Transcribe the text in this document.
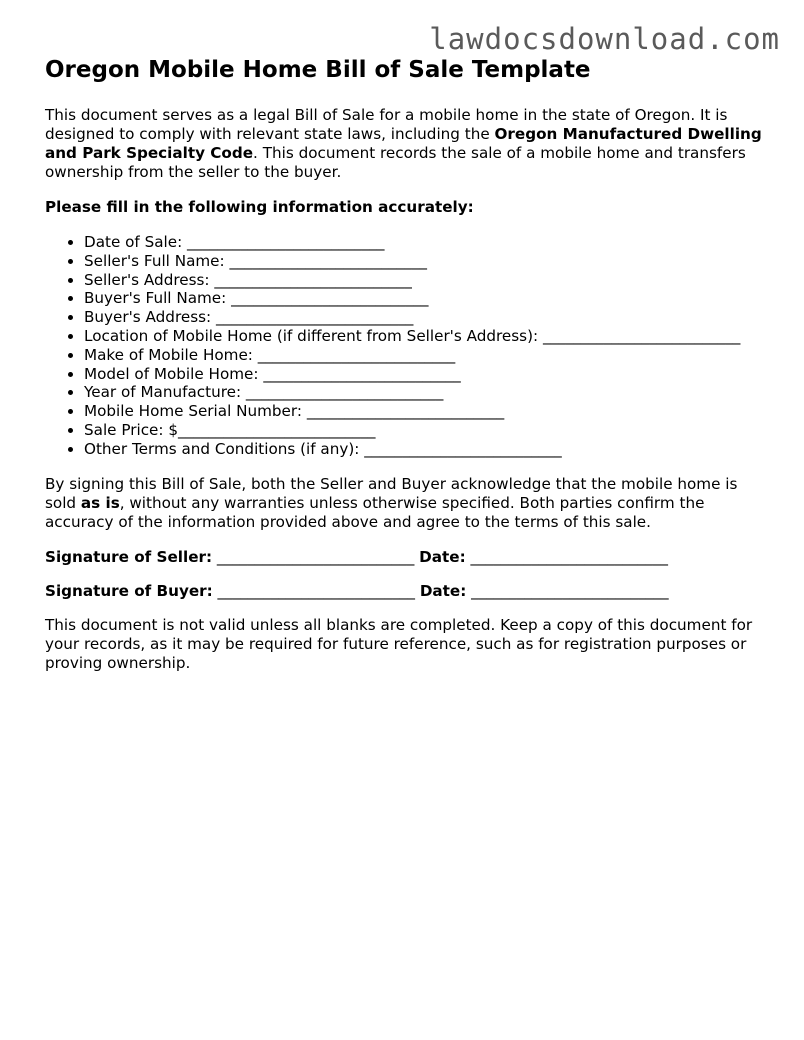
lawdocsdownload.com
Oregon Mobile Home Bill of Sale Template

This document serves as a legal Bill of Sale for a mobile home in the state of Oregon. It is designed to comply with relevant state laws, including the Oregon Manufactured Dwelling and Park Specialty Code. This document records the sale of a mobile home and transfers ownership from the seller to the buyer.

Please fill in the following information accurately:

• Date of Sale: __________________________
• Seller's Full Name: __________________________
• Seller's Address: __________________________
• Buyer's Full Name: __________________________
• Buyer's Address: __________________________
• Location of Mobile Home (if different from Seller's Address): __________________________
• Make of Mobile Home: __________________________
• Model of Mobile Home: __________________________
• Year of Manufacture: __________________________
• Mobile Home Serial Number: __________________________
• Sale Price: $__________________________
• Other Terms and Conditions (if any): __________________________

By signing this Bill of Sale, both the Seller and Buyer acknowledge that the mobile home is sold as is, without any warranties unless otherwise specified. Both parties confirm the accuracy of the information provided above and agree to the terms of this sale.

Signature of Seller: __________________________ Date: __________________________

Signature of Buyer: __________________________ Date: __________________________

This document is not valid unless all blanks are completed. Keep a copy of this document for your records, as it may be required for future reference, such as for registration purposes or proving ownership.
